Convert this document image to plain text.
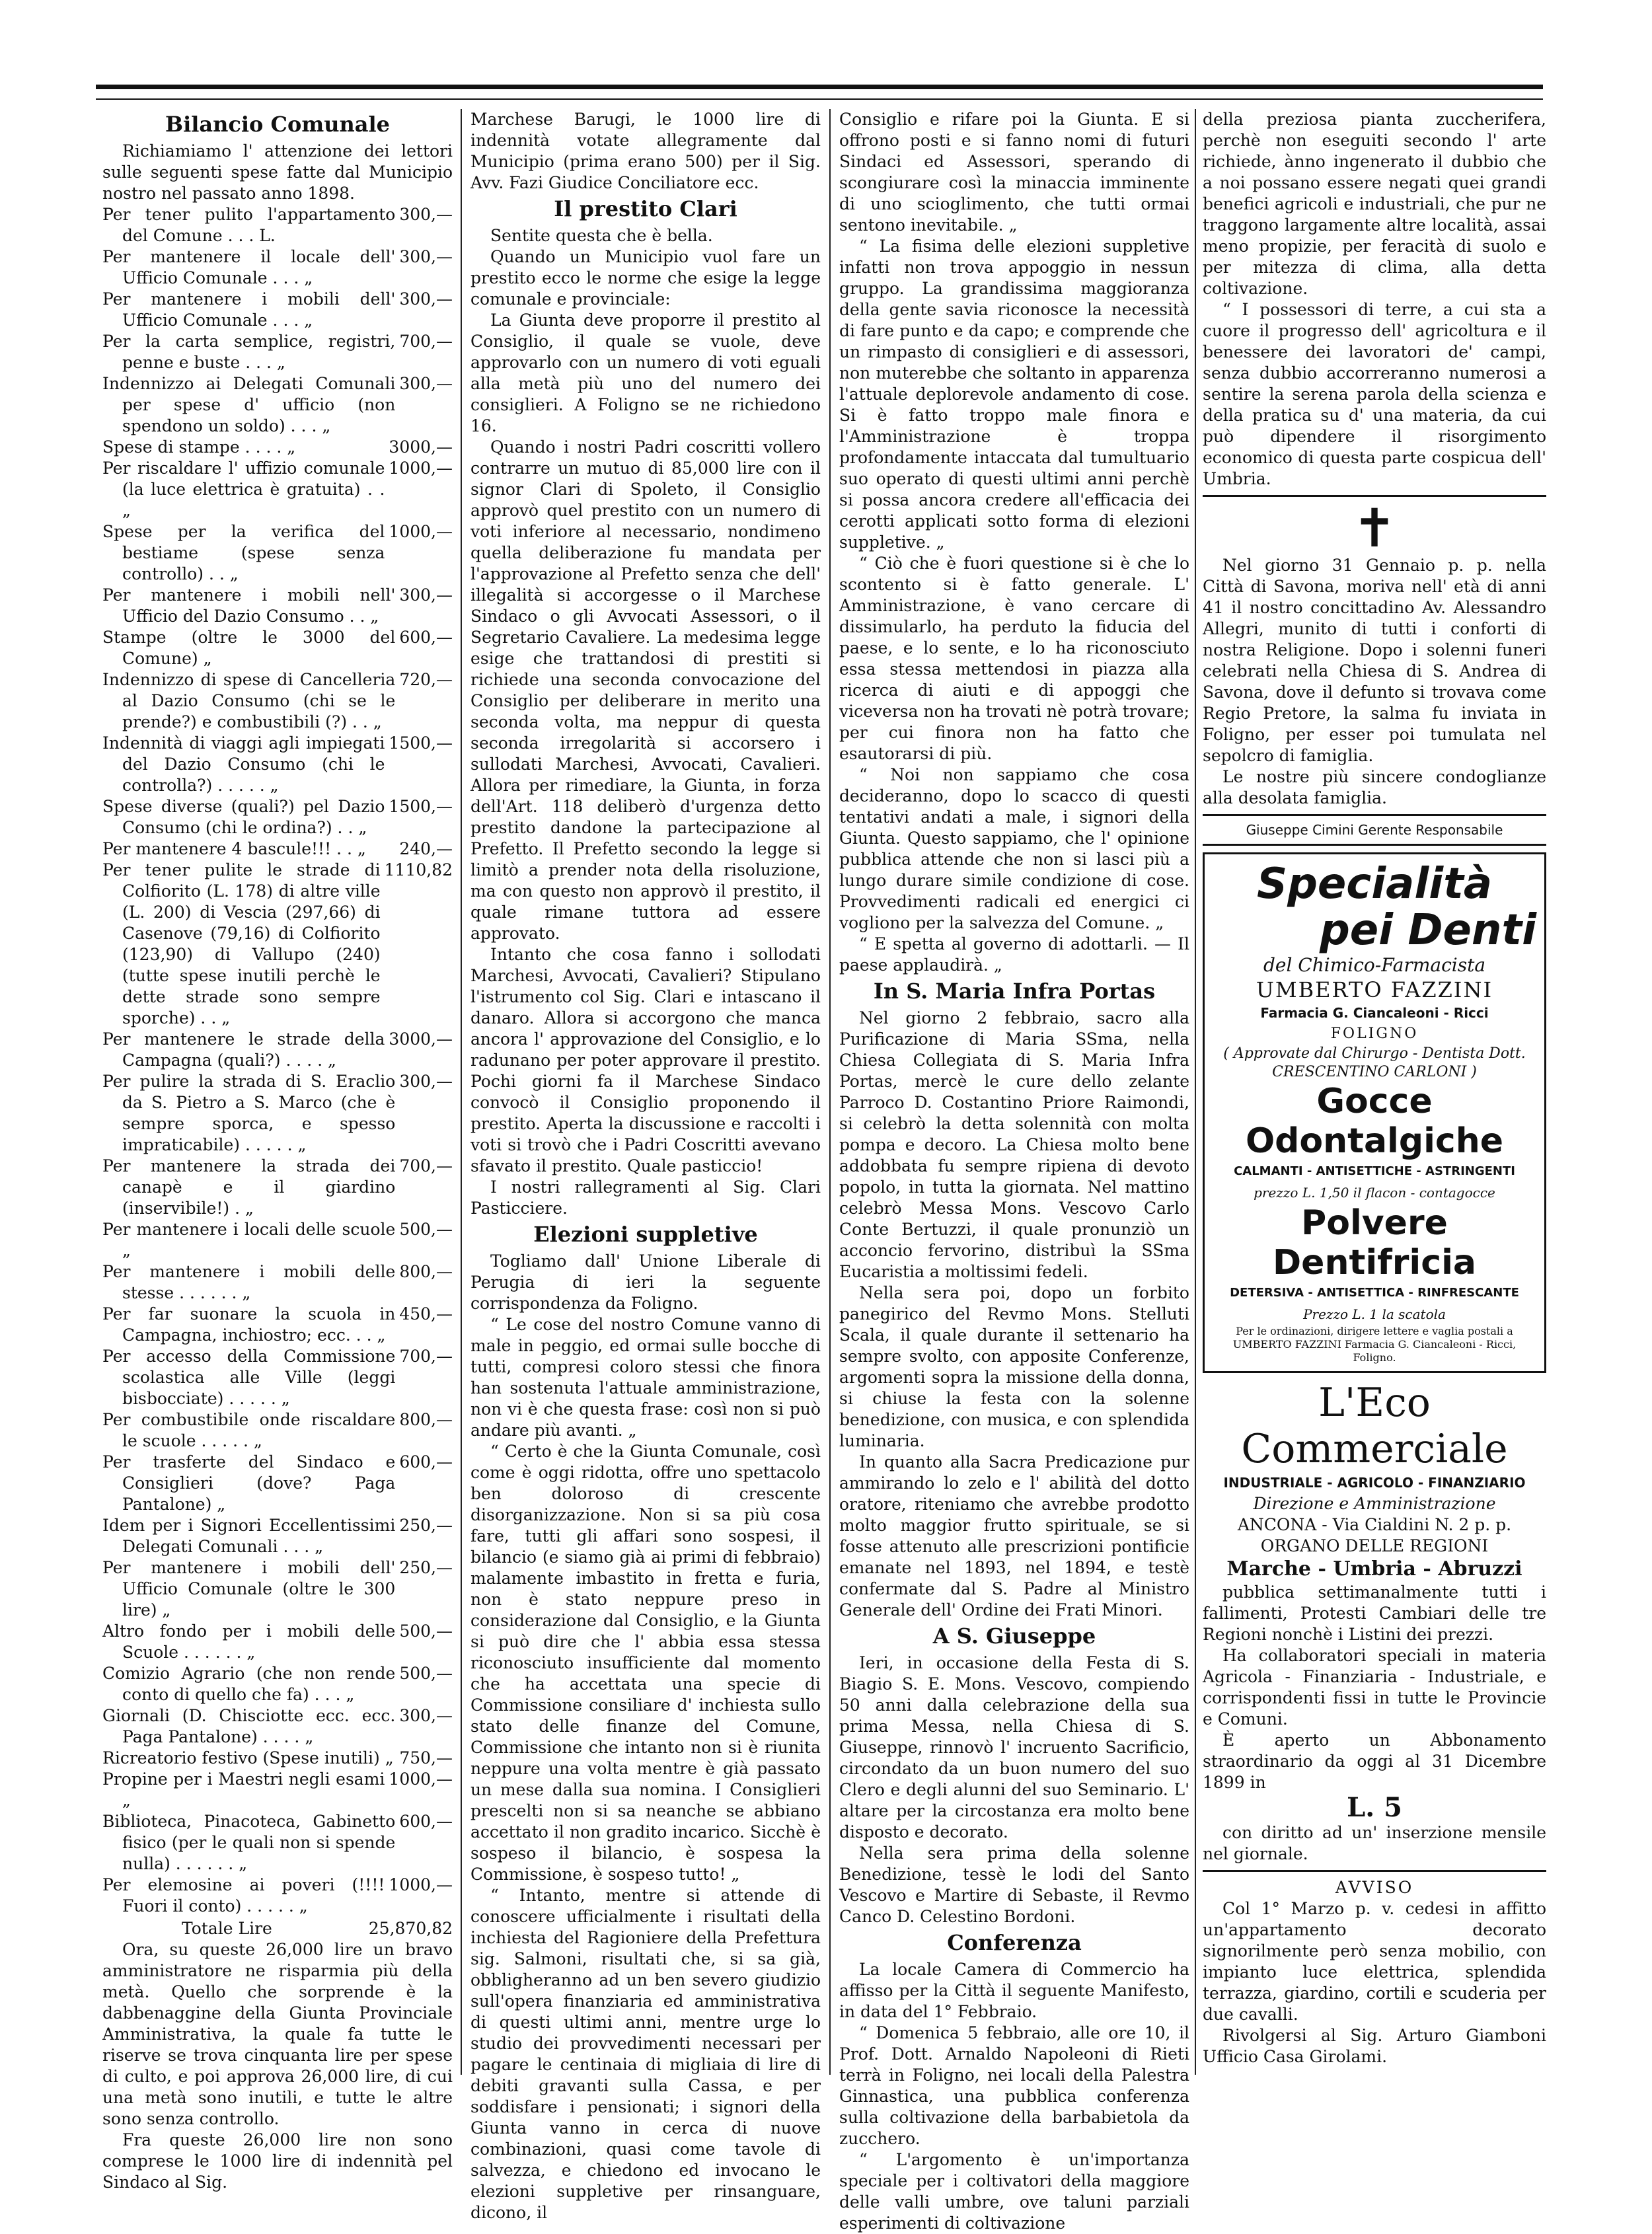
Bilancio Comunale

Richiamiamo l' attenzione dei lettori sulle seguenti spese fatte dal Municipio nostro nel passato anno 1898.

Per tener pulito l'appartamento del Comune . . . L.
300,—
Per mantenere il locale dell' Ufficio Comunale . . . „
300,—
Per mantenere i mobili dell' Ufficio Comunale . . . „
300,—
Per la carta semplice, registri, penne e buste . . . „
700,—
Indennizzo ai Delegati Comunali per spese d' ufficio (non spendono un soldo) . . . „
300,—
Spese di stampe . . . . „	3000,—
Per riscaldare l' uffizio comunale (la luce elettrica è gratuita) . . „
1000,—
Spese per la verifica del bestiame (spese senza controllo) . . „
1000,—
Per mantenere i mobili nell' Ufficio del Dazio Consumo . . „
300,—
Stampe (oltre le 3000 del Comune) „
600,—
Indennizzo di spese di Cancelleria al Dazio Consumo (chi se le prende?) e combustibili (?) . . „
720,—
Indennità di viaggi agli impiegati del Dazio Consumo (chi le controlla?) . . . . . „
1500,—
Spese diverse (quali?) pel Dazio Consumo (chi le ordina?) . . „
1500,—
Per mantenere 4 bascule!!! . . „ 240,—
Per tener pulite le strade di Colfiorito (L. 178) di altre ville (L. 200) di Vescia (297,66) di Casenove (79,16) di Colfiorito (123,90) di Vallupo (240) (tutte spese inutili perchè le dette strade sono sempre sporche) . . „
1110,82
Per mantenere le strade della Campagna (quali?) . . . . „
3000,—
Per pulire la strada di S. Eraclio da S. Pietro a S. Marco (che è sempre sporca, e spesso impraticabile) . . . . . „
300,—
Per mantenere la strada dei canapè e il giardino (inservibile!) . „
700,—
Per mantenere i locali delle scuole „
500,—
Per mantenere i mobili delle stesse . . . . . . „
800,—
Per far suonare la scuola in Campagna, inchiostro; ecc. . . „
450,—
Per accesso della Commissione scolastica alle Ville (leggi bisbocciate) . . . . . „
700,—
Per combustibile onde riscaldare le scuole . . . . . „
800,—
Per trasferte del Sindaco e Consiglieri (dove? Paga Pantalone) „
600,—
Idem per i Signori Eccellentissimi Delegati Comunali . . . „
250,—
Per mantenere i mobili dell' Ufficio Comunale (oltre le 300 lire) „
250,—
Altro fondo per i mobili delle Scuole . . . . . . „
500,—
Comizio Agrario (che non rende conto di quello che fa) . . . „
500,—
Giornali (D. Chisciotte ecc. ecc. Paga Pantalone) . . . . „
300,—
Ricreatorio festivo (Spese inutili) „ 750,—
Propine per i Maestri negli esami „
1000,—
Biblioteca, Pinacoteca, Gabinetto fisico (per le quali non si spende nulla) . . . . . . „
600,—
Per elemosine ai poveri (!!!! Fuori il conto) . . . . . „
1000,—
Totale Lire	25,870,82

Ora, su queste 26,000 lire un bravo amministratore ne risparmia più della metà. Quello che sorprende è la dabbenaggine della Giunta Provinciale Amministrativa, la quale fa tutte le riserve se trova cinquanta lire per spese di culto, e poi approva 26,000 lire, di cui una metà sono inutili, e tutte le altre sono senza controllo.

Fra queste 26,000 lire non sono comprese le 1000 lire di indennità pel Sindaco al Sig.

Marchese Barugi, le 1000 lire di indennità votate allegramente dal Municipio (prima erano 500) per il Sig. Avv. Fazi Giudice Conciliatore ecc.

Il prestito Clari

Sentite questa che è bella.

Quando un Municipio vuol fare un prestito ecco le norme che esige la legge comunale e provinciale:

La Giunta deve proporre il prestito al Consiglio, il quale se vuole, deve approvarlo con un numero di voti eguali alla metà più uno del numero dei consiglieri. A Foligno se ne richiedono 16.

Quando i nostri Padri coscritti vollero contrarre un mutuo di 85,000 lire con il signor Clari di Spoleto, il Consiglio approvò quel prestito con un numero di voti inferiore al necessario, nondimeno quella deliberazione fu mandata per l'approvazione al Prefetto senza che dell' illegalità si accorgesse o il Marchese Sindaco o gli Avvocati Assessori, o il Segretario Cavaliere. La medesima legge esige che trattandosi di prestiti si richiede una seconda convocazione del Consiglio per deliberare in merito una seconda volta, ma neppur di questa seconda irregolarità si accorsero i sullodati Marchesi, Avvocati, Cavalieri. Allora per rimediare, la Giunta, in forza dell'Art. 118 deliberò d'urgenza detto prestito dandone la partecipazione al Prefetto. Il Prefetto secondo la legge si limitò a prender nota della risoluzione, ma con questo non approvò il prestito, il quale rimane tuttora ad essere approvato.

Intanto che cosa fanno i sollodati Marchesi, Avvocati, Cavalieri? Stipulano l'istrumento col Sig. Clari e intascano il danaro. Allora si accorgono che manca ancora l' approvazione del Consiglio, e lo radunano per poter approvare il prestito. Pochi giorni fa il Marchese Sindaco convocò il Consiglio proponendo il prestito. Aperta la discussione e raccolti i voti si trovò che i Padri Coscritti avevano sfavato il prestito. Quale pasticcio!

I nostri rallegramenti al Sig. Clari Pasticciere.

Elezioni suppletive

Togliamo dall' Unione Liberale di Perugia di ieri la seguente corrispondenza da Foligno.

“ Le cose del nostro Comune vanno di male in peggio, ed ormai sulle bocche di tutti, compresi coloro stessi che finora han sostenuta l'attuale amministrazione, non vi è che questa frase: così non si può andare più avanti. „

“ Certo è che la Giunta Comunale, così come è oggi ridotta, offre uno spettacolo ben doloroso di crescente disorganizzazione. Non si sa più cosa fare, tutti gli affari sono sospesi, il bilancio (e siamo già ai primi di febbraio) malamente imbastito in fretta e furia, non è stato neppure preso in considerazione dal Consiglio, e la Giunta si può dire che l' abbia essa stessa riconosciuto insufficiente dal momento che ha accettata una specie di Commissione consiliare d' inchiesta sullo stato delle finanze del Comune, Commissione che intanto non si è riunita neppure una volta mentre è già passato un mese dalla sua nomina. I Consiglieri prescelti non si sa neanche se abbiano accettato il non gradito incarico. Sicchè è sospeso il bilancio, è sospesa la Commissione, è sospeso tutto! „

“ Intanto, mentre si attende di conoscere ufficialmente i risultati della inchiesta del Ragioniere della Prefettura sig. Salmoni, risultati che, si sa già, obbligheranno ad un ben severo giudizio sull'opera finanziaria ed amministrativa di questi ultimi anni, mentre urge lo studio dei provvedimenti necessari per pagare le centinaia di migliaia di lire di debiti gravanti sulla Cassa, e per soddisfare i pensionati; i signori della Giunta vanno in cerca di nuove combinazioni, quasi come tavole di salvezza, e chiedono ed invocano le elezioni suppletive per rinsanguare, dicono, il

Consiglio e rifare poi la Giunta. E si offrono posti e si fanno nomi di futuri Sindaci ed Assessori, sperando di scongiurare così la minaccia imminente di uno scioglimento, che tutti ormai sentono inevitabile. „

“ La fisima delle elezioni suppletive infatti non trova appoggio in nessun gruppo. La grandissima maggioranza della gente savia riconosce la necessità di fare punto e da capo; e comprende che un rimpasto di consiglieri e di assessori, non muterebbe che soltanto in apparenza l'attuale deplorevole andamento di cose. Si è fatto troppo male finora e l'Amministrazione è troppa profondamente intaccata dal tumultuario suo operato di questi ultimi anni perchè si possa ancora credere all'efficacia dei cerotti applicati sotto forma di elezioni suppletive. „

“ Ciò che è fuori questione si è che lo scontento si è fatto generale. L' Amministrazione, è vano cercare di dissimularlo, ha perduto la fiducia del paese, e lo sente, e lo ha riconosciuto essa stessa mettendosi in piazza alla ricerca di aiuti e di appoggi che viceversa non ha trovati nè potrà trovare; per cui finora non ha fatto che esautorarsi di più.

“ Noi non sappiamo che cosa decideranno, dopo lo scacco di questi tentativi andati a male, i signori della Giunta. Questo sappiamo, che l' opinione pubblica attende che non si lasci più a lungo durare simile condizione di cose. Provvedimenti radicali ed energici ci vogliono per la salvezza del Comune. „

“ E spetta al governo di adottarli. — Il paese applaudirà. „

In S. Maria Infra Portas

Nel giorno 2 febbraio, sacro alla Purificazione di Maria SSma, nella Chiesa Collegiata di S. Maria Infra Portas, mercè le cure dello zelante Parroco D. Costantino Priore Raimondi, si celebrò la detta solennità con molta pompa e decoro. La Chiesa molto bene addobbata fu sempre ripiena di devoto popolo, in tutta la giornata. Nel mattino celebrò Messa Mons. Vescovo Carlo Conte Bertuzzi, il quale pronunziò un acconcio fervorino, distribuì la SSma Eucaristia a moltissimi fedeli.

Nella sera poi, dopo un forbito panegirico del Revmo Mons. Stelluti Scala, il quale durante il settenario ha sempre svolto, con apposite Conferenze, argomenti sopra la missione della donna, si chiuse la festa con la solenne benedizione, con musica, e con splendida luminaria.

In quanto alla Sacra Predicazione pur ammirando lo zelo e l' abilità del dotto oratore, riteniamo che avrebbe prodotto molto maggior frutto spirituale, se si fosse attenuto alle prescrizioni pontificie emanate nel 1893, nel 1894, e testè confermate dal S. Padre al Ministro Generale dell' Ordine dei Frati Minori.

A S. Giuseppe

Ieri, in occasione della Festa di S. Biagio S. E. Mons. Vescovo, compiendo 50 anni dalla celebrazione della sua prima Messa, nella Chiesa di S. Giuseppe, rinnovò l' incruento Sacrificio, circondato da un buon numero del suo Clero e degli alunni del suo Seminario. L' altare per la circostanza era molto bene disposto e decorato.

Nella sera prima della solenne Benedizione, tessè le lodi del Santo Vescovo e Martire di Sebaste, il Revmo Canco D. Celestino Bordoni.

Conferenza

La locale Camera di Commercio ha affisso per la Città il seguente Manifesto, in data del 1° Febbraio.

“ Domenica 5 febbraio, alle ore 10, il Prof. Dott. Arnaldo Napoleoni di Rieti terrà in Foligno, nei locali della Palestra Ginnastica, una pubblica conferenza sulla coltivazione della barbabietola da zucchero.

“ L'argomento è un'importanza speciale per i coltivatori della maggiore delle valli umbre, ove taluni parziali esperimenti di coltivazione

della preziosa pianta zuccherifera, perchè non eseguiti secondo l' arte richiede, ànno ingenerato il dubbio che a noi possano essere negati quei grandi benefici agricoli e industriali, che pur ne traggono largamente altre località, assai meno propizie, per feracità di suolo e per mitezza di clima, alla detta coltivazione.

“ I possessori di terre, a cui sta a cuore il progresso dell' agricoltura e il benessere dei lavoratori de' campi, senza dubbio accorreranno numerosi a sentire la serena parola della scienza e della pratica su d' una materia, da cui può dipendere il risorgimento economico di questa parte cospicua dell' Umbria.

✝

Nel giorno 31 Gennaio p. p. nella Città di Savona, moriva nell' età di anni 41 il nostro concittadino Av. Alessandro Allegri, munito di tutti i conforti di nostra Religione. Dopo i solenni funeri celebrati nella Chiesa di S. Andrea di Savona, dove il defunto si trovava come Regio Pretore, la salma fu inviata in Foligno, per esser poi tumulata nel sepolcro di famiglia.

Le nostre più sincere condoglianze alla desolata famiglia.

Giuseppe Cimini Gerente Responsabile
Specialità
pei Denti
del Chimico-Farmacista
UMBERTO FAZZINI
Farmacia G. Ciancaleoni - Ricci
FOLIGNO
( Approvate dal Chirurgo - Dentista Dott. CRESCENTINO CARLONI )
Gocce Odontalgiche
CALMANTI - ANTISETTICHE - ASTRINGENTI
prezzo L. 1,50 il flacon - contagocce
Polvere Dentifricia
DETERSIVA - ANTISETTICA - RINFRESCANTE
Prezzo L. 1 la scatola
Per le ordinazioni, dirigere lettere e vaglia postali a UMBERTO FAZZINI Farmacia G. Ciancaleoni - Ricci, Foligno.
L'Eco Commerciale
INDUSTRIALE - AGRICOLO - FINANZIARIO
Direzione e Amministrazione
ANCONA - Via Cialdini N. 2 p. p.
ORGANO DELLE REGIONI
Marche - Umbria - Abruzzi

pubblica settimanalmente tutti i fallimenti, Protesti Cambiari delle tre Regioni nonchè i Listini dei prezzi.

Ha collaboratori speciali in materia Agricola - Finanziaria - Industriale, e corrispondenti fissi in tutte le Provincie e Comuni.

È aperto un Abbonamento straordinario da oggi al 31 Dicembre 1899 in

L. 5

con diritto ad un' inserzione mensile nel giornale.

AVVISO

Col 1° Marzo p. v. cedesi in affitto un'appartamento decorato signorilmente però senza mobilio, con impianto luce elettrica, splendida terrazza, giardino, cortili e scuderia per due cavalli.

Rivolgersi al Sig. Arturo Giamboni Ufficio Casa Girolami.
